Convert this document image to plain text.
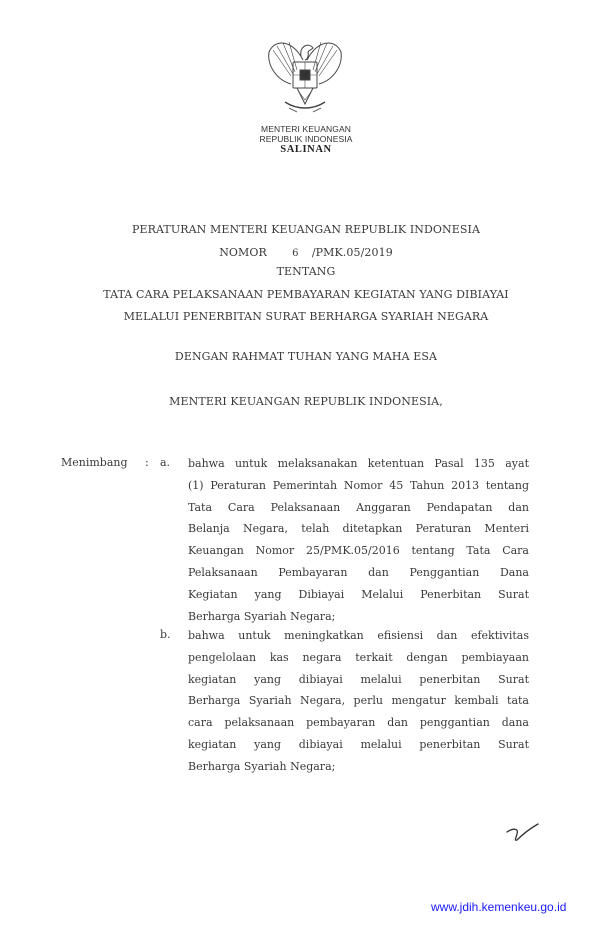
MENTERI KEUANGAN
REPUBLIK INDONESIA
SALINAN
PERATURAN MENTERI KEUANGAN REPUBLIK INDONESIA
NOMOR	6 /PMK.05/2019
TENTANG
TATA CARA PELAKSANAAN PEMBAYARAN KEGIATAN YANG DIBIAYAI
MELALUI PENERBITAN SURAT BERHARGA SYARIAH NEGARA
DENGAN RAHMAT TUHAN YANG MAHA ESA
MENTERI KEUANGAN REPUBLIK INDONESIA,
Menimbang : a. bahwa untuk melaksanakan ketentuan Pasal 135 ayat
(1) Peraturan Pemerintah Nomor 45 Tahun 2013 tentang
Tata Cara Pelaksanaan Anggaran Pendapatan dan
Belanja Negara, telah ditetapkan Peraturan Menteri
Keuangan Nomor 25/PMK.05/2016 tentang Tata Cara
Pelaksanaan Pembayaran dan Penggantian Dana
Kegiatan yang Dibiayai Melalui Penerbitan Surat
Berharga Syariah Negara;
b. bahwa untuk meningkatkan efisiensi dan efektivitas
pengelolaan kas negara terkait dengan pembiayaan
kegiatan yang dibiayai melalui penerbitan Surat
Berharga Syariah Negara, perlu mengatur kembali tata
cara pelaksanaan pembayaran dan penggantian dana
kegiatan yang dibiayai melalui penerbitan Surat
Berharga Syariah Negara;
www.jdih.kemenkeu.go.id
